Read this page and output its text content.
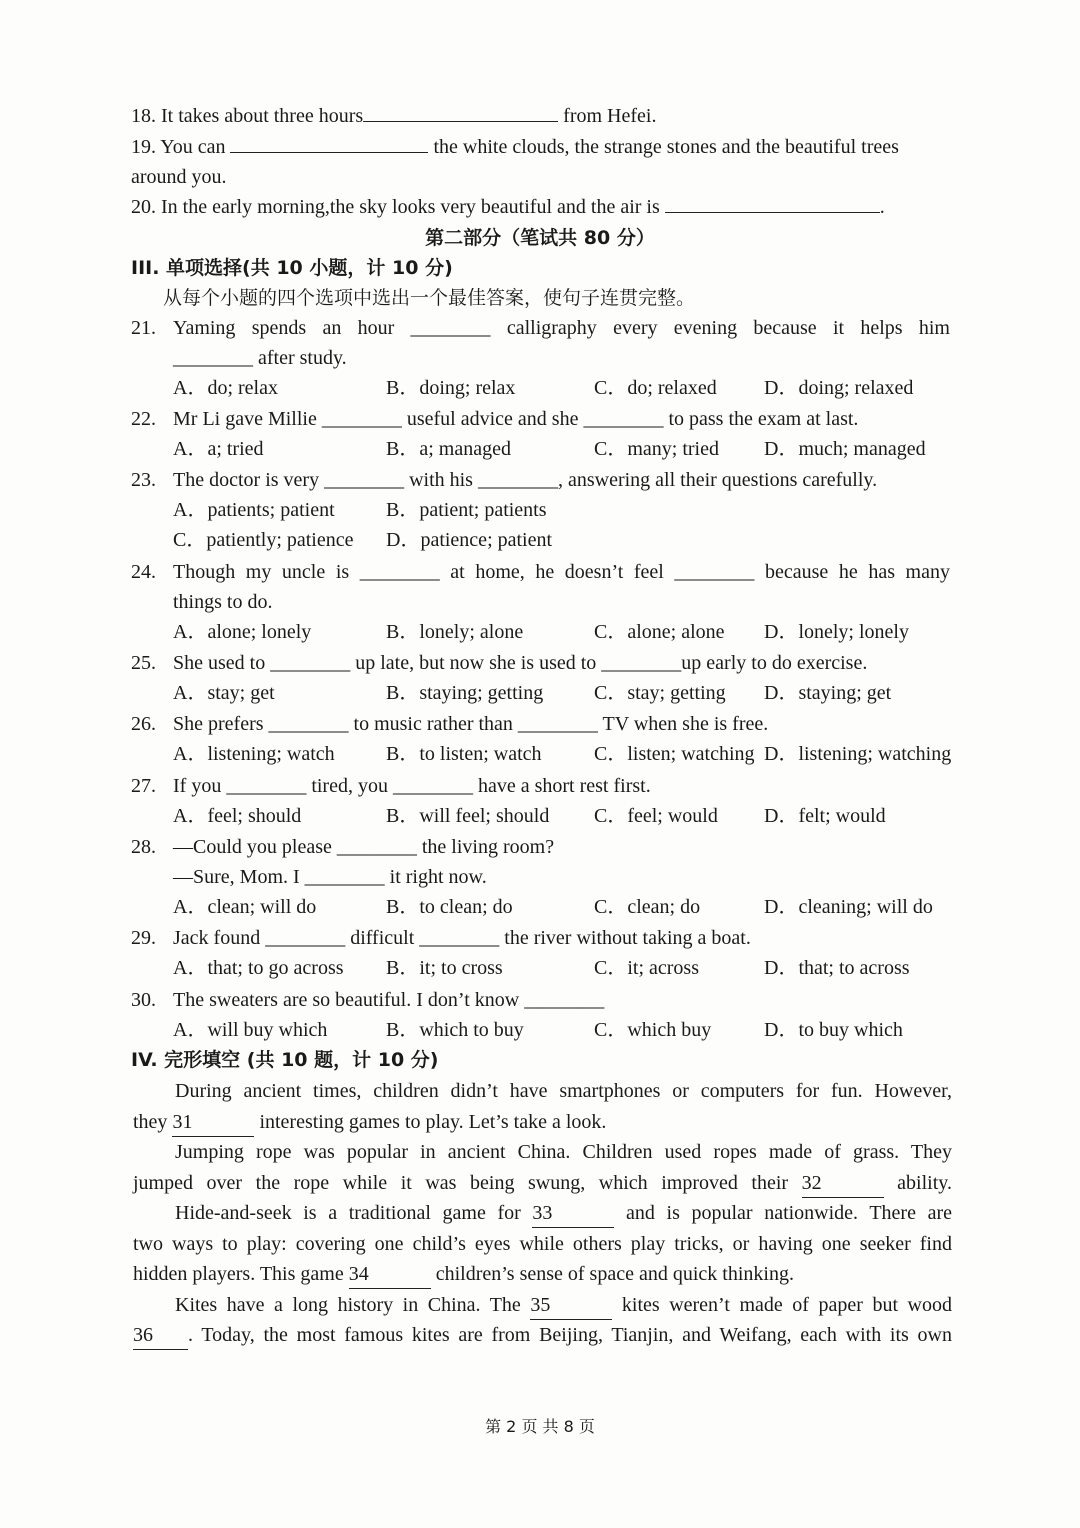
18. It takes about three hours	from Hefei.
19. You can	the white clouds, the strange stones and the beautiful trees
around you.
20. In the early morning,the sky looks very beautiful and the air is	.
第二部分（笔试共 80 分）
III. 单项选择(共 10 小题，计 10 分)
从每个小题的四个选项中选出一个最佳答案，使句子连贯完整。
21. Yaming spends an hour ________ calligraphy every evening because it helps him
________ after study.
A．do; relax	B．doing; relax	C．do; relaxed D．doing; relaxed
22. Mr Li gave Millie ________ useful advice and she ________ to pass the exam at last.
A．a; tried	B．a; managed	C．many; tried D．much; managed
23. The doctor is very ________ with his ________, answering all their questions carefully.
A．patients; patient	B．patient; patients
C．patiently; patience D．patience; patient
24. Though my uncle is ________ at home, he doesn’t feel ________ because he has many
things to do.
A．alone; lonely	B．lonely; alone	C．alone; alone D．lonely; lonely
25. She used to ________ up late, but now she is used to ________up early to do exercise.
A．stay; get	B．staying; getting	C．stay; getting D．staying; get
26. She prefers ________ to music rather than ________ TV when she is free.
A．listening; watch	B．to listen; watch	C．listen; watching D．listening; watching
27. If you ________ tired, you ________ have a short rest first.
A．feel; should	B．will feel; should C．feel; would D．felt; would
28. —Could you please ________ the living room?
—Sure, Mom. I ________ it right now.
A．clean; will do	B．to clean; do	C．clean; do	D．cleaning; will do
29. Jack found ________ difficult ________ the river without taking a boat.
A．that; to go across B．it; to cross	C．it; across	D．that; to across
30. The sweaters are so beautiful. I don’t know ________
A．will buy which	B．which to buy	C．which buy	D．to buy which
IV. 完形填空 (共 10 题，计 10 分)
During ancient times, children didn’t have smartphones or computers for fun. However,
they 31	interesting games to play. Let’s take a look.
Jumping rope was popular in ancient China. Children used ropes made of grass. They
jumped over the rope while it was being swung, which improved their 32	ability.
Hide-and-seek is a traditional game for 33	and is popular nationwide. There are
two ways to play: covering one child’s eyes while others play tricks, or having one seeker find
hidden players. This game 34	children’s sense of space and quick thinking.
Kites have a long history in China. The 35	kites weren’t made of paper but wood
36 . Today, the most famous kites are from Beijing, Tianjin, and Weifang, each with its own
第 2 页 共 8 页
